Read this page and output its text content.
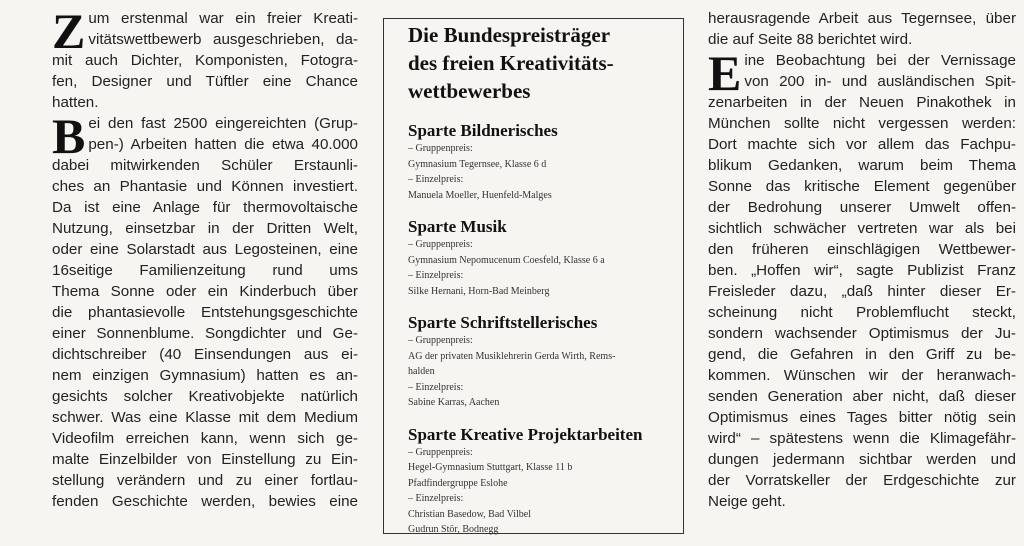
Z um erstenmal war ein freier Kreati-
vitätswettbewerb ausgeschrieben, da-
mit auch Dichter, Komponisten, Fotogra-
fen, Designer und Tüftler eine Chance
hatten.

B ei den fast 2500 eingereichten (Grup-
pen-) Arbeiten hatten die etwa 40.000
dabei mitwirkenden Schüler Erstaunli-
ches an Phantasie und Können investiert.
Da ist eine Anlage für thermovoltaische
Nutzung, einsetzbar in der Dritten Welt,
oder eine Solarstadt aus Legosteinen, eine
16seitige Familienzeitung rund ums
Thema Sonne oder ein Kinderbuch über
die phantasievolle Entstehungsgeschichte
einer Sonnenblume. Songdichter und Ge-
dichtschreiber (40 Einsendungen aus ei-
nem einzigen Gymnasium) hatten es an-
gesichts solcher Kreativobjekte natürlich
schwer. Was eine Klasse mit dem Medium
Videofilm erreichen kann, wenn sich ge-
malte Einzelbilder von Einstellung zu Ein-
stellung verändern und zu einer fortlau-
fenden Geschichte werden, bewies eine

Die Bundespreisträger
des freien Kreativitäts-
wettbewerbes
Sparte Bildnerisches

– Gruppenpreis:

Gymnasium Tegernsee, Klasse 6 d

– Einzelpreis:

Manuela Moeller, Huenfeld-Malges

Sparte Musik

– Gruppenpreis:

Gymnasium Nepomucenum Coesfeld, Klasse 6 a

– Einzelpreis:

Silke Hernani, Horn-Bad Meinberg

Sparte Schriftstellerisches

– Gruppenpreis:

AG der privaten Musiklehrerin Gerda Wirth, Rems-

halden

– Einzelpreis:

Sabine Karras, Aachen

Sparte Kreative Projektarbeiten

– Gruppenpreis:

Hegel-Gymnasium Stuttgart, Klasse 11 b

Pfadfindergruppe Eslohe

– Einzelpreis:

Christian Basedow, Bad Vilbel

Gudrun Stör, Bodnegg

herausragende Arbeit aus Tegernsee, über
die auf Seite 88 berichtet wird.

E ine Beobachtung bei der Vernissage
von 200 in- und ausländischen Spit-
zenarbeiten in der Neuen Pinakothek in
München sollte nicht vergessen werden:
Dort machte sich vor allem das Fachpu-
blikum Gedanken, warum beim Thema
Sonne das kritische Element gegenüber
der Bedrohung unserer Umwelt offen-
sichtlich schwächer vertreten war als bei
den früheren einschlägigen Wettbewer-
ben. „Hoffen wir“, sagte Publizist Franz
Freisleder dazu, „daß hinter dieser Er-
scheinung nicht Problemflucht steckt,
sondern wachsender Optimismus der Ju-
gend, die Gefahren in den Griff zu be-
kommen. Wünschen wir der heranwach-
senden Generation aber nicht, daß dieser
Optimismus eines Tages bitter nötig sein
wird“ – spätestens wenn die Klimagefähr-
dungen jedermann sichtbar werden und
der Vorratskeller der Erdgeschichte zur
Neige geht.
